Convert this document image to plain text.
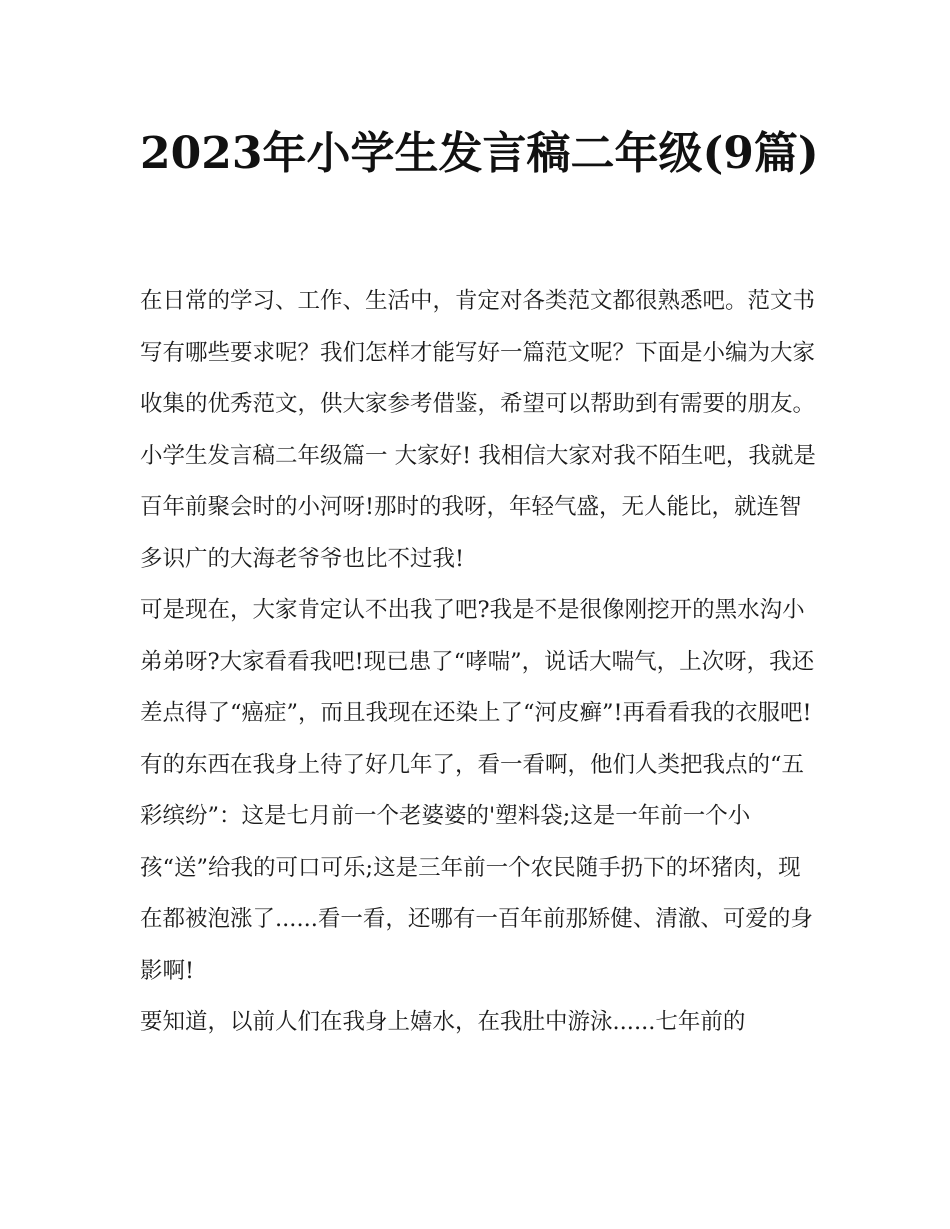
2023年小学生发言稿二年级(9篇)

在日常的学习、工作、生活中，肯定对各类范文都很熟悉吧。范文书写有哪些要求呢？我们怎样才能写好一篇范文呢？下面是小编为大家收集的优秀范文，供大家参考借鉴，希望可以帮助到有需要的朋友。

小学生发言稿二年级篇一 大家好! 我相信大家对我不陌生吧，我就是百年前聚会时的小河呀!那时的我呀，年轻气盛，无人能比，就连智多识广的大海老爷爷也比不过我!

可是现在，大家肯定认不出我了吧?我是不是很像刚挖开的黑水沟小弟弟呀?大家看看我吧!现已患了“哮喘”，说话大喘气，上次呀，我还差点得了“癌症”，而且我现在还染上了“河皮癣”!再看看我的衣服吧!有的东西在我身上待了好几年了，看一看啊，他们人类把我点的“五彩缤纷”：这是七月前一个老婆婆的'塑料袋;这是一年前一个小孩“送”给我的可口可乐;这是三年前一个农民随手扔下的坏猪肉，现在都被泡涨了......看一看，还哪有一百年前那矫健、清澈、可爱的身影啊!

要知道，以前人们在我身上嬉水，在我肚中游泳......七年前的
